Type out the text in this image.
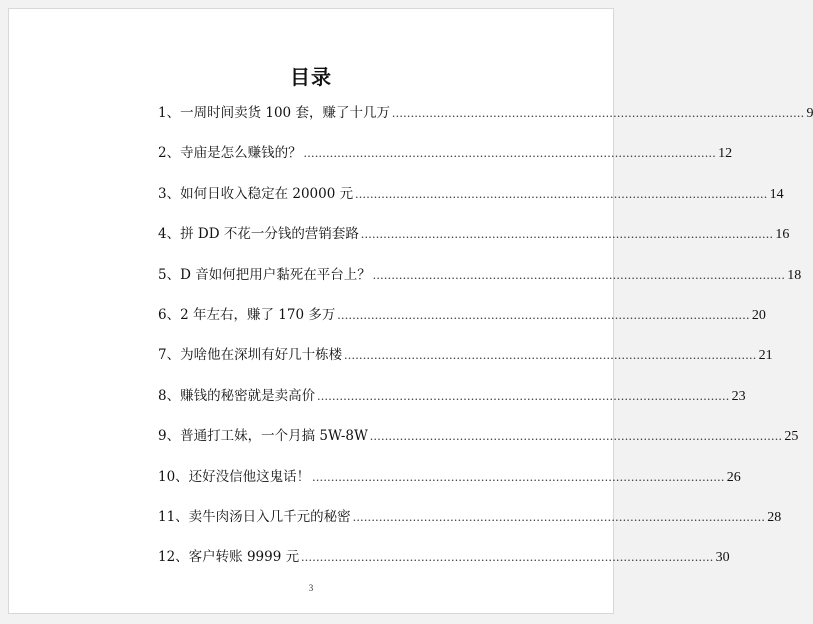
目录
1、一周时间卖货 100 套，赚了十几万 .............................................................................................................. 9
2、寺庙是怎么赚钱的？ .............................................................................................................. 12
3、如何日收入稳定在 20000 元 .............................................................................................................. 14
4、拼 DD 不花一分钱的营销套路 .............................................................................................................. 16
5、D 音如何把用户黏死在平台上？ .............................................................................................................. 18
6、2 年左右，赚了 170 多万 .............................................................................................................. 20
7、为啥他在深圳有好几十栋楼 .............................................................................................................. 21
8、赚钱的秘密就是卖高价 .............................................................................................................. 23
9、普通打工妹，一个月搞 5W-8W .............................................................................................................. 25
10、还好没信他这鬼话！ .............................................................................................................. 26
11、卖牛肉汤日入几千元的秘密 .............................................................................................................. 28
12、客户转账 9999 元 .............................................................................................................. 30
3
